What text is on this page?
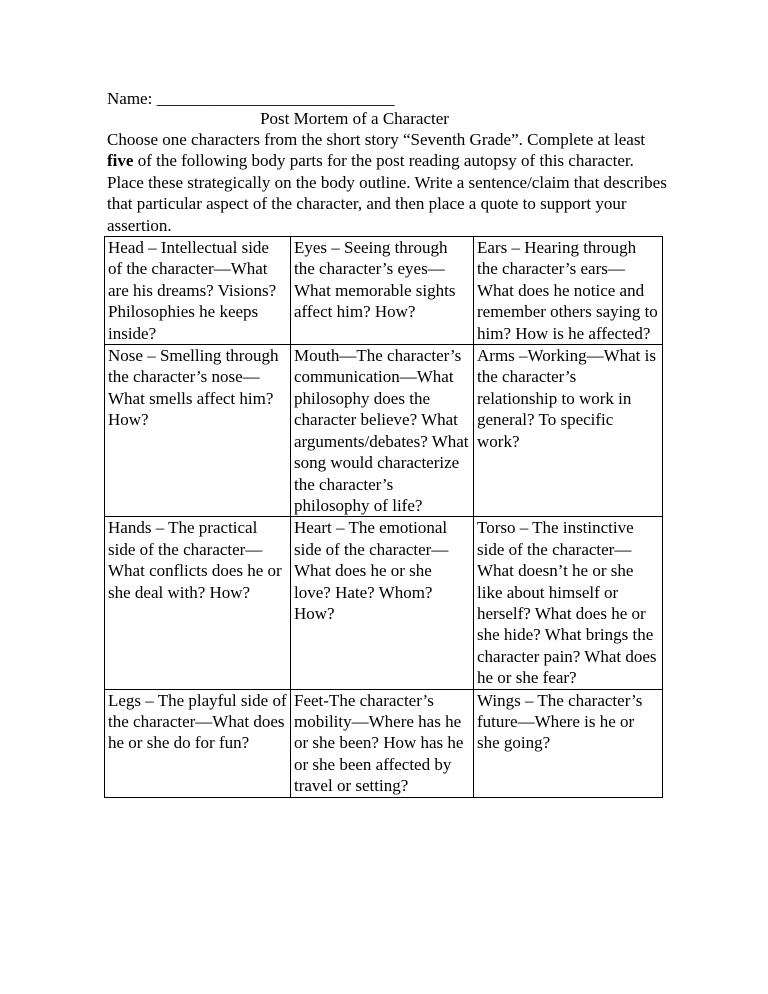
Name: ____________________________
Post Mortem of a Character
Choose one characters from the short story “Seventh Grade”. Complete at least five of the following body parts for the post reading autopsy of this character. Place these strategically on the body outline. Write a sentence/claim that describes that particular aspect of the character, and then place a quote to support your assertion.
Head – Intellectual side of the character—What are his dreams? Visions? Philosophies he keeps inside?	Eyes – Seeing through the character’s eyes—What memorable sights affect him? How?	Ears – Hearing through the character’s ears—What does he notice and remember others saying to him? How is he affected?
Nose – Smelling through the character’s nose—What smells affect him? How?	Mouth—The character’s communication—What philosophy does the character believe? What arguments/debates? What song would characterize the character’s philosophy of life?	Arms –Working—What is the character’s relationship to work in general? To specific work?
Hands – The practical side of the character—What conflicts does he or she deal with? How?	Heart – The emotional side of the character—What does he or she love? Hate? Whom? How?	Torso – The instinctive side of the character—What doesn’t he or she like about himself or herself? What does he or she hide? What brings the character pain? What does he or she fear?
Legs – The playful side of the character—What does he or she do for fun?	Feet-The character’s mobility—Where has he or she been? How has he or she been affected by travel or setting?	Wings – The character’s future—Where is he or she going?
